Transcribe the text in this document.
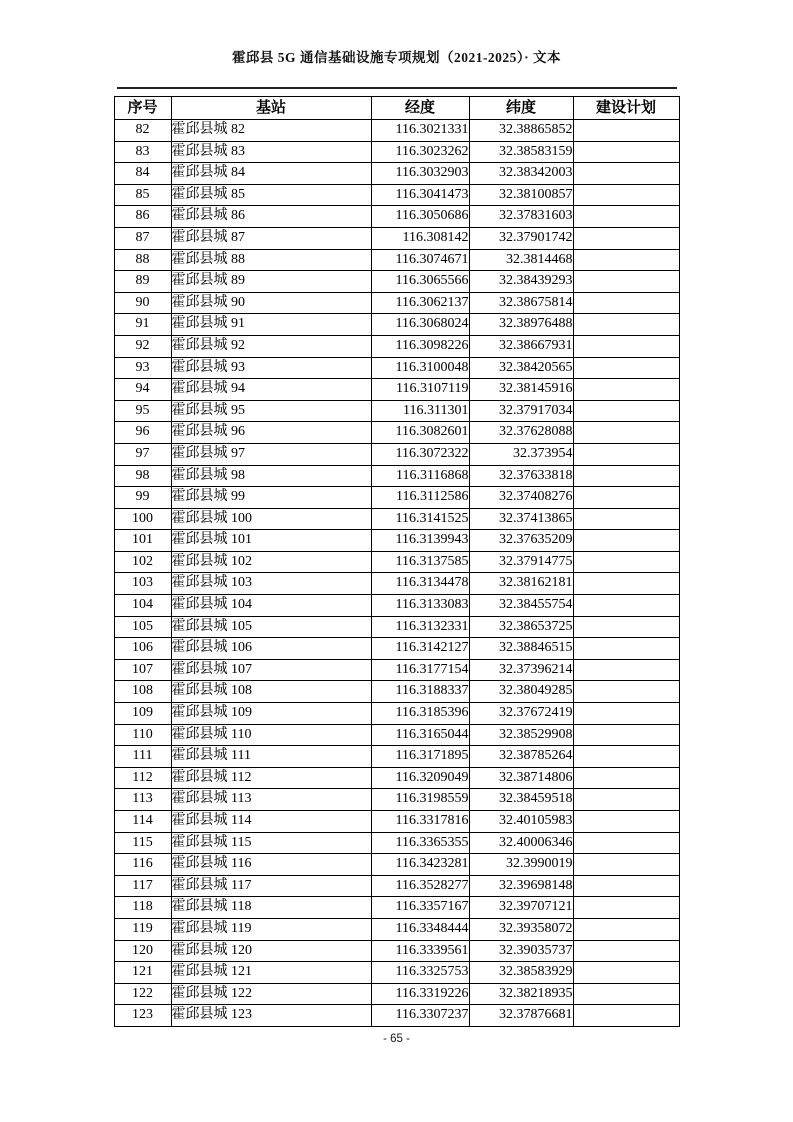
霍邱县 5G 通信基础设施专项规划（2021-2025）· 文本
序号	基站	经度	纬度	建设计划
82	霍邱县城 82	116.3021331	32.38865852	
83	霍邱县城 83	116.3023262	32.38583159	
84	霍邱县城 84	116.3032903	32.38342003	
85	霍邱县城 85	116.3041473	32.38100857	
86	霍邱县城 86	116.3050686	32.37831603	
87	霍邱县城 87	116.308142	32.37901742	
88	霍邱县城 88	116.3074671	32.3814468	
89	霍邱县城 89	116.3065566	32.38439293	
90	霍邱县城 90	116.3062137	32.38675814	
91	霍邱县城 91	116.3068024	32.38976488	
92	霍邱县城 92	116.3098226	32.38667931	
93	霍邱县城 93	116.3100048	32.38420565	
94	霍邱县城 94	116.3107119	32.38145916	
95	霍邱县城 95	116.311301	32.37917034	
96	霍邱县城 96	116.3082601	32.37628088	
97	霍邱县城 97	116.3072322	32.373954	
98	霍邱县城 98	116.3116868	32.37633818	
99	霍邱县城 99	116.3112586	32.37408276	
100	霍邱县城 100	116.3141525	32.37413865	
101	霍邱县城 101	116.3139943	32.37635209	
102	霍邱县城 102	116.3137585	32.37914775	
103	霍邱县城 103	116.3134478	32.38162181	
104	霍邱县城 104	116.3133083	32.38455754	
105	霍邱县城 105	116.3132331	32.38653725	
106	霍邱县城 106	116.3142127	32.38846515	
107	霍邱县城 107	116.3177154	32.37396214	
108	霍邱县城 108	116.3188337	32.38049285	
109	霍邱县城 109	116.3185396	32.37672419	
110	霍邱县城 110	116.3165044	32.38529908	
111	霍邱县城 111	116.3171895	32.38785264	
112	霍邱县城 112	116.3209049	32.38714806	
113	霍邱县城 113	116.3198559	32.38459518	
114	霍邱县城 114	116.3317816	32.40105983	
115	霍邱县城 115	116.3365355	32.40006346	
116	霍邱县城 116	116.3423281	32.3990019	
117	霍邱县城 117	116.3528277	32.39698148	
118	霍邱县城 118	116.3357167	32.39707121	
119	霍邱县城 119	116.3348444	32.39358072	
120	霍邱县城 120	116.3339561	32.39035737	
121	霍邱县城 121	116.3325753	32.38583929	
122	霍邱县城 122	116.3319226	32.38218935	
123	霍邱县城 123	116.3307237	32.37876681	
- 65 -
